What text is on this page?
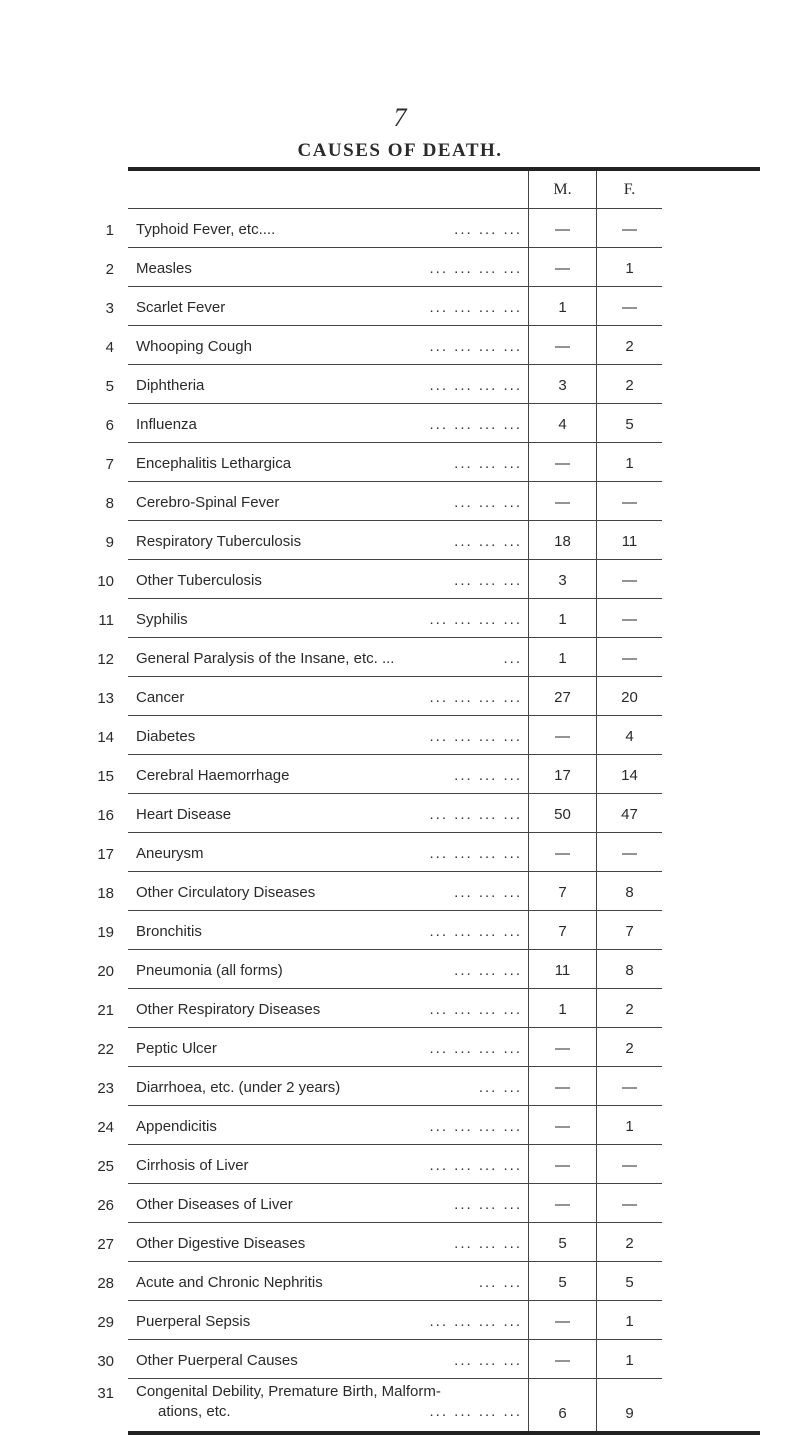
7
CAUSES OF DEATH.
M.	F.
1	Typhoid Fever, etc....	... ... ...	—	—
2	Measles	... ... ... ...	—	1
3	Scarlet Fever	... ... ... ...	1	—
4	Whooping Cough	... ... ... ...	—	2
5	Diphtheria	... ... ... ...	3	2
6	Influenza	... ... ... ...	4	5
7	Encephalitis Lethargica	... ... ...	—	1
8	Cerebro-Spinal Fever	... ... ...	—	—
9	Respiratory Tuberculosis	... ... ...	18	11
10	Other Tuberculosis	... ... ...	3	—
11	Syphilis	... ... ... ...	1	—
12	General Paralysis of the Insane, etc. ...	...	1	—
13	Cancer	... ... ... ...	27	20
14	Diabetes	... ... ... ...	—	4
15	Cerebral Haemorrhage	... ... ...	17	14
16	Heart Disease	... ... ... ...	50	47
17	Aneurysm	... ... ... ...	—	—
18	Other Circulatory Diseases	... ... ...	7	8
19	Bronchitis	... ... ... ...	7	7
20	Pneumonia (all forms)	... ... ...	11	8
21	Other Respiratory Diseases	... ... ... ...	1	2
22	Peptic Ulcer	... ... ... ...	—	2
23	Diarrhoea, etc. (under 2 years)	... ...	—	—
24	Appendicitis	... ... ... ...	—	1
25	Cirrhosis of Liver	... ... ... ...	—	—
26	Other Diseases of Liver	... ... ...	—	—
27	Other Digestive Diseases	... ... ...	5	2
28	Acute and Chronic Nephritis	... ...	5	5
29	Puerperal Sepsis	... ... ... ...	—	1
30	Other Puerperal Causes	... ... ...	—	1
31	Congenital Debility, Premature Birth, Malform-
ations, etc.	... ... ... ...	6	9
